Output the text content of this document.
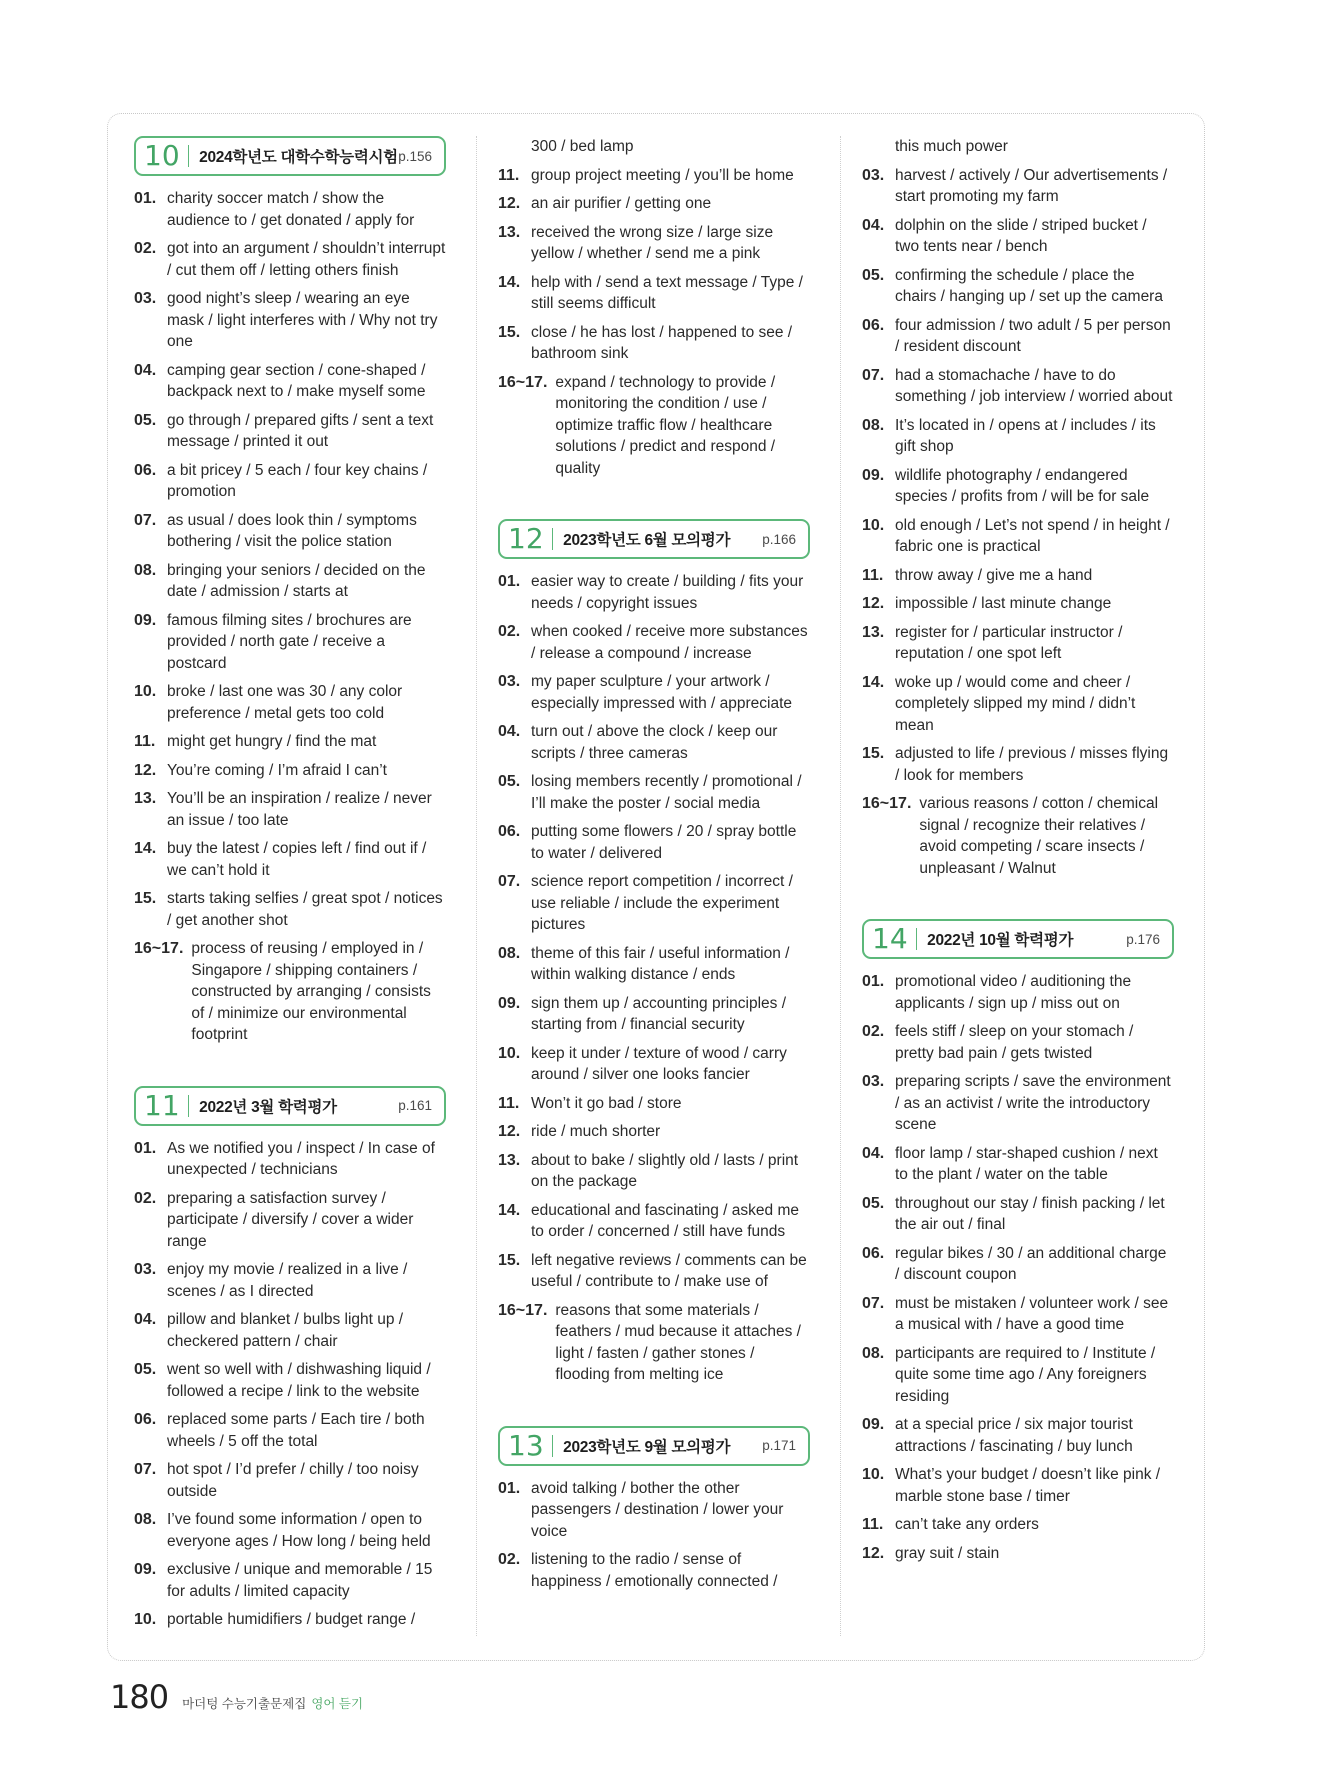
10	2024학년도 대학수학능력시험 p.156
01. charity soccer match / show the audience to / get donated / apply for
02. got into an argument / shouldn’t interrupt / cut them off / letting others finish
03. good night’s sleep / wearing an eye mask / light interferes with / Why not try one
04. camping gear section / cone-shaped / backpack next to / make myself some
05. go through / prepared gifts / sent a text message / printed it out
06. a bit pricey / 5 each / four key chains / promotion
07. as usual / does look thin / symptoms bothering / visit the police station
08. bringing your seniors / decided on the date / admission / starts at
09. famous filming sites / brochures are provided / north gate / receive a postcard
10. broke / last one was 30 / any color preference / metal gets too cold
11. might get hungry / find the mat
12. You’re coming / I’m afraid I can’t
13. You’ll be an inspiration / realize / never an issue / too late
14. buy the latest / copies left / find out if / we can’t hold it
15. starts taking selfies / great spot / notices / get another shot
16~17. process of reusing / employed in / Singapore / shipping containers / constructed by arranging / consists of / minimize our environmental footprint
11	2022년 3월 학력평가	p.161
01. As we notified you / inspect / In case of unexpected / technicians
02. preparing a satisfaction survey / participate / diversify / cover a wider range
03. enjoy my movie / realized in a live / scenes / as I directed
04. pillow and blanket / bulbs light up / checkered pattern / chair
05. went so well with / dishwashing liquid / followed a recipe / link to the website
06. replaced some parts / Each tire / both wheels / 5 off the total
07. hot spot / I’d prefer / chilly / too noisy outside
08. I’ve found some information / open to everyone ages / How long / being held
09. exclusive / unique and memorable / 15 for adults / limited capacity
10. portable humidifiers / budget range /
300 / bed lamp
11. group project meeting / you’ll be home
12. an air purifier / getting one
13. received the wrong size / large size yellow / whether / send me a pink
14. help with / send a text message / Type / still seems difficult
15. close / he has lost / happened to see / bathroom sink
16~17. expand / technology to provide / monitoring the condition / use / optimize traffic flow / healthcare solutions / predict and respond / quality
12	2023학년도 6월 모의평가	p.166
01. easier way to create / building / fits your needs / copyright issues
02. when cooked / receive more substances / release a compound / increase
03. my paper sculpture / your artwork / especially impressed with / appreciate
04. turn out / above the clock / keep our scripts / three cameras
05. losing members recently / promotional / I’ll make the poster / social media
06. putting some flowers / 20 / spray bottle to water / delivered
07. science report competition / incorrect / use reliable / include the experiment pictures
08. theme of this fair / useful information / within walking distance / ends
09. sign them up / accounting principles / starting from / financial security
10. keep it under / texture of wood / carry around / silver one looks fancier
11. Won’t it go bad / store
12. ride / much shorter
13. about to bake / slightly old / lasts / print on the package
14. educational and fascinating / asked me to order / concerned / still have funds
15. left negative reviews / comments can be useful / contribute to / make use of
16~17. reasons that some materials / feathers / mud because it attaches / light / fasten / gather stones / flooding from melting ice
13	2023학년도 9월 모의평가	p.171
01. avoid talking / bother the other passengers / destination / lower your voice
02. listening to the radio / sense of happiness / emotionally connected /
this much power
03. harvest / actively / Our advertisements / start promoting my farm
04. dolphin on the slide / striped bucket / two tents near / bench
05. confirming the schedule / place the chairs / hanging up / set up the camera
06. four admission / two adult / 5 per person / resident discount
07. had a stomachache / have to do something / job interview / worried about
08. It’s located in / opens at / includes / its gift shop
09. wildlife photography / endangered species / profits from / will be for sale
10. old enough / Let’s not spend / in height / fabric one is practical
11. throw away / give me a hand
12. impossible / last minute change
13. register for / particular instructor / reputation / one spot left
14. woke up / would come and cheer / completely slipped my mind / didn’t mean
15. adjusted to life / previous / misses flying / look for members
16~17. various reasons / cotton / chemical signal / recognize their relatives / avoid competing / scare insects / unpleasant / Walnut
14	2022년 10월 학력평가	p.176
01. promotional video / auditioning the applicants / sign up / miss out on
02. feels stiff / sleep on your stomach / pretty bad pain / gets twisted
03. preparing scripts / save the environment / as an activist / write the introductory scene
04. floor lamp / star-shaped cushion / next to the plant / water on the table
05. throughout our stay / finish packing / let the air out / final
06. regular bikes / 30 / an additional charge / discount coupon
07. must be mistaken / volunteer work / see a musical with / have a good time
08. participants are required to / Institute / quite some time ago / Any foreigners residing
09. at a special price / six major tourist attractions / fascinating / buy lunch
10. What’s your budget / doesn’t like pink / marble stone base / timer
11. can’t take any orders
12. gray suit / stain
180 마더텅 수능기출문제집 영어 듣기
